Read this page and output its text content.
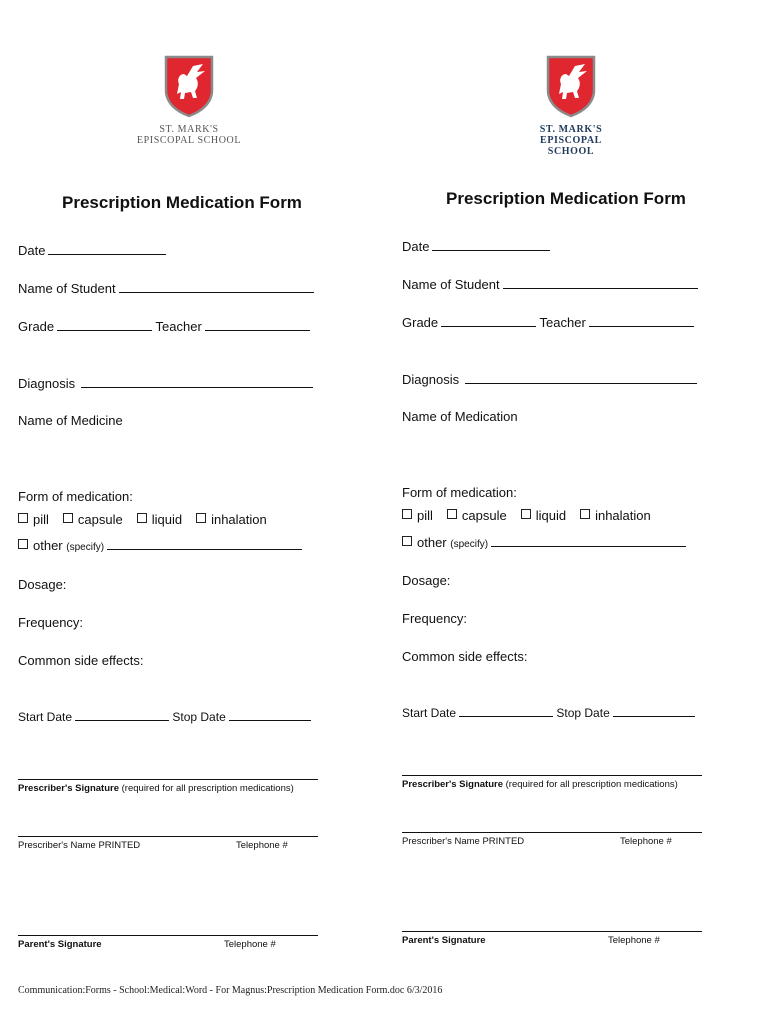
ST. MARK'S
EPISCOPAL SCHOOL
Prescription Medication Form
Date
Name of Student
Grade	Teacher
Diagnosis
Name of Medicine
Form of medication:
pill capsule liquid inhalation
other (specify)
Dosage:
Frequency:
Common side effects:
Start Date	Stop Date
Prescriber's Signature (required for all prescription medications)
Prescriber's Name PRINTED	Telephone #
Parent's Signature	Telephone #
ST. MARK'S
EPISCOPAL SCHOOL
Prescription Medication Form
Date
Name of Student
Grade	Teacher
Diagnosis
Name of Medication
Form of medication:
pill capsule liquid inhalation
other (specify)
Dosage:
Frequency:
Common side effects:
Start Date	Stop Date
Prescriber's Signature (required for all prescription medications)
Prescriber's Name PRINTED	Telephone #
Parent's Signature	Telephone #
Communication:Forms - School:Medical:Word - For Magnus:Prescription Medication Form.doc 6/3/2016
